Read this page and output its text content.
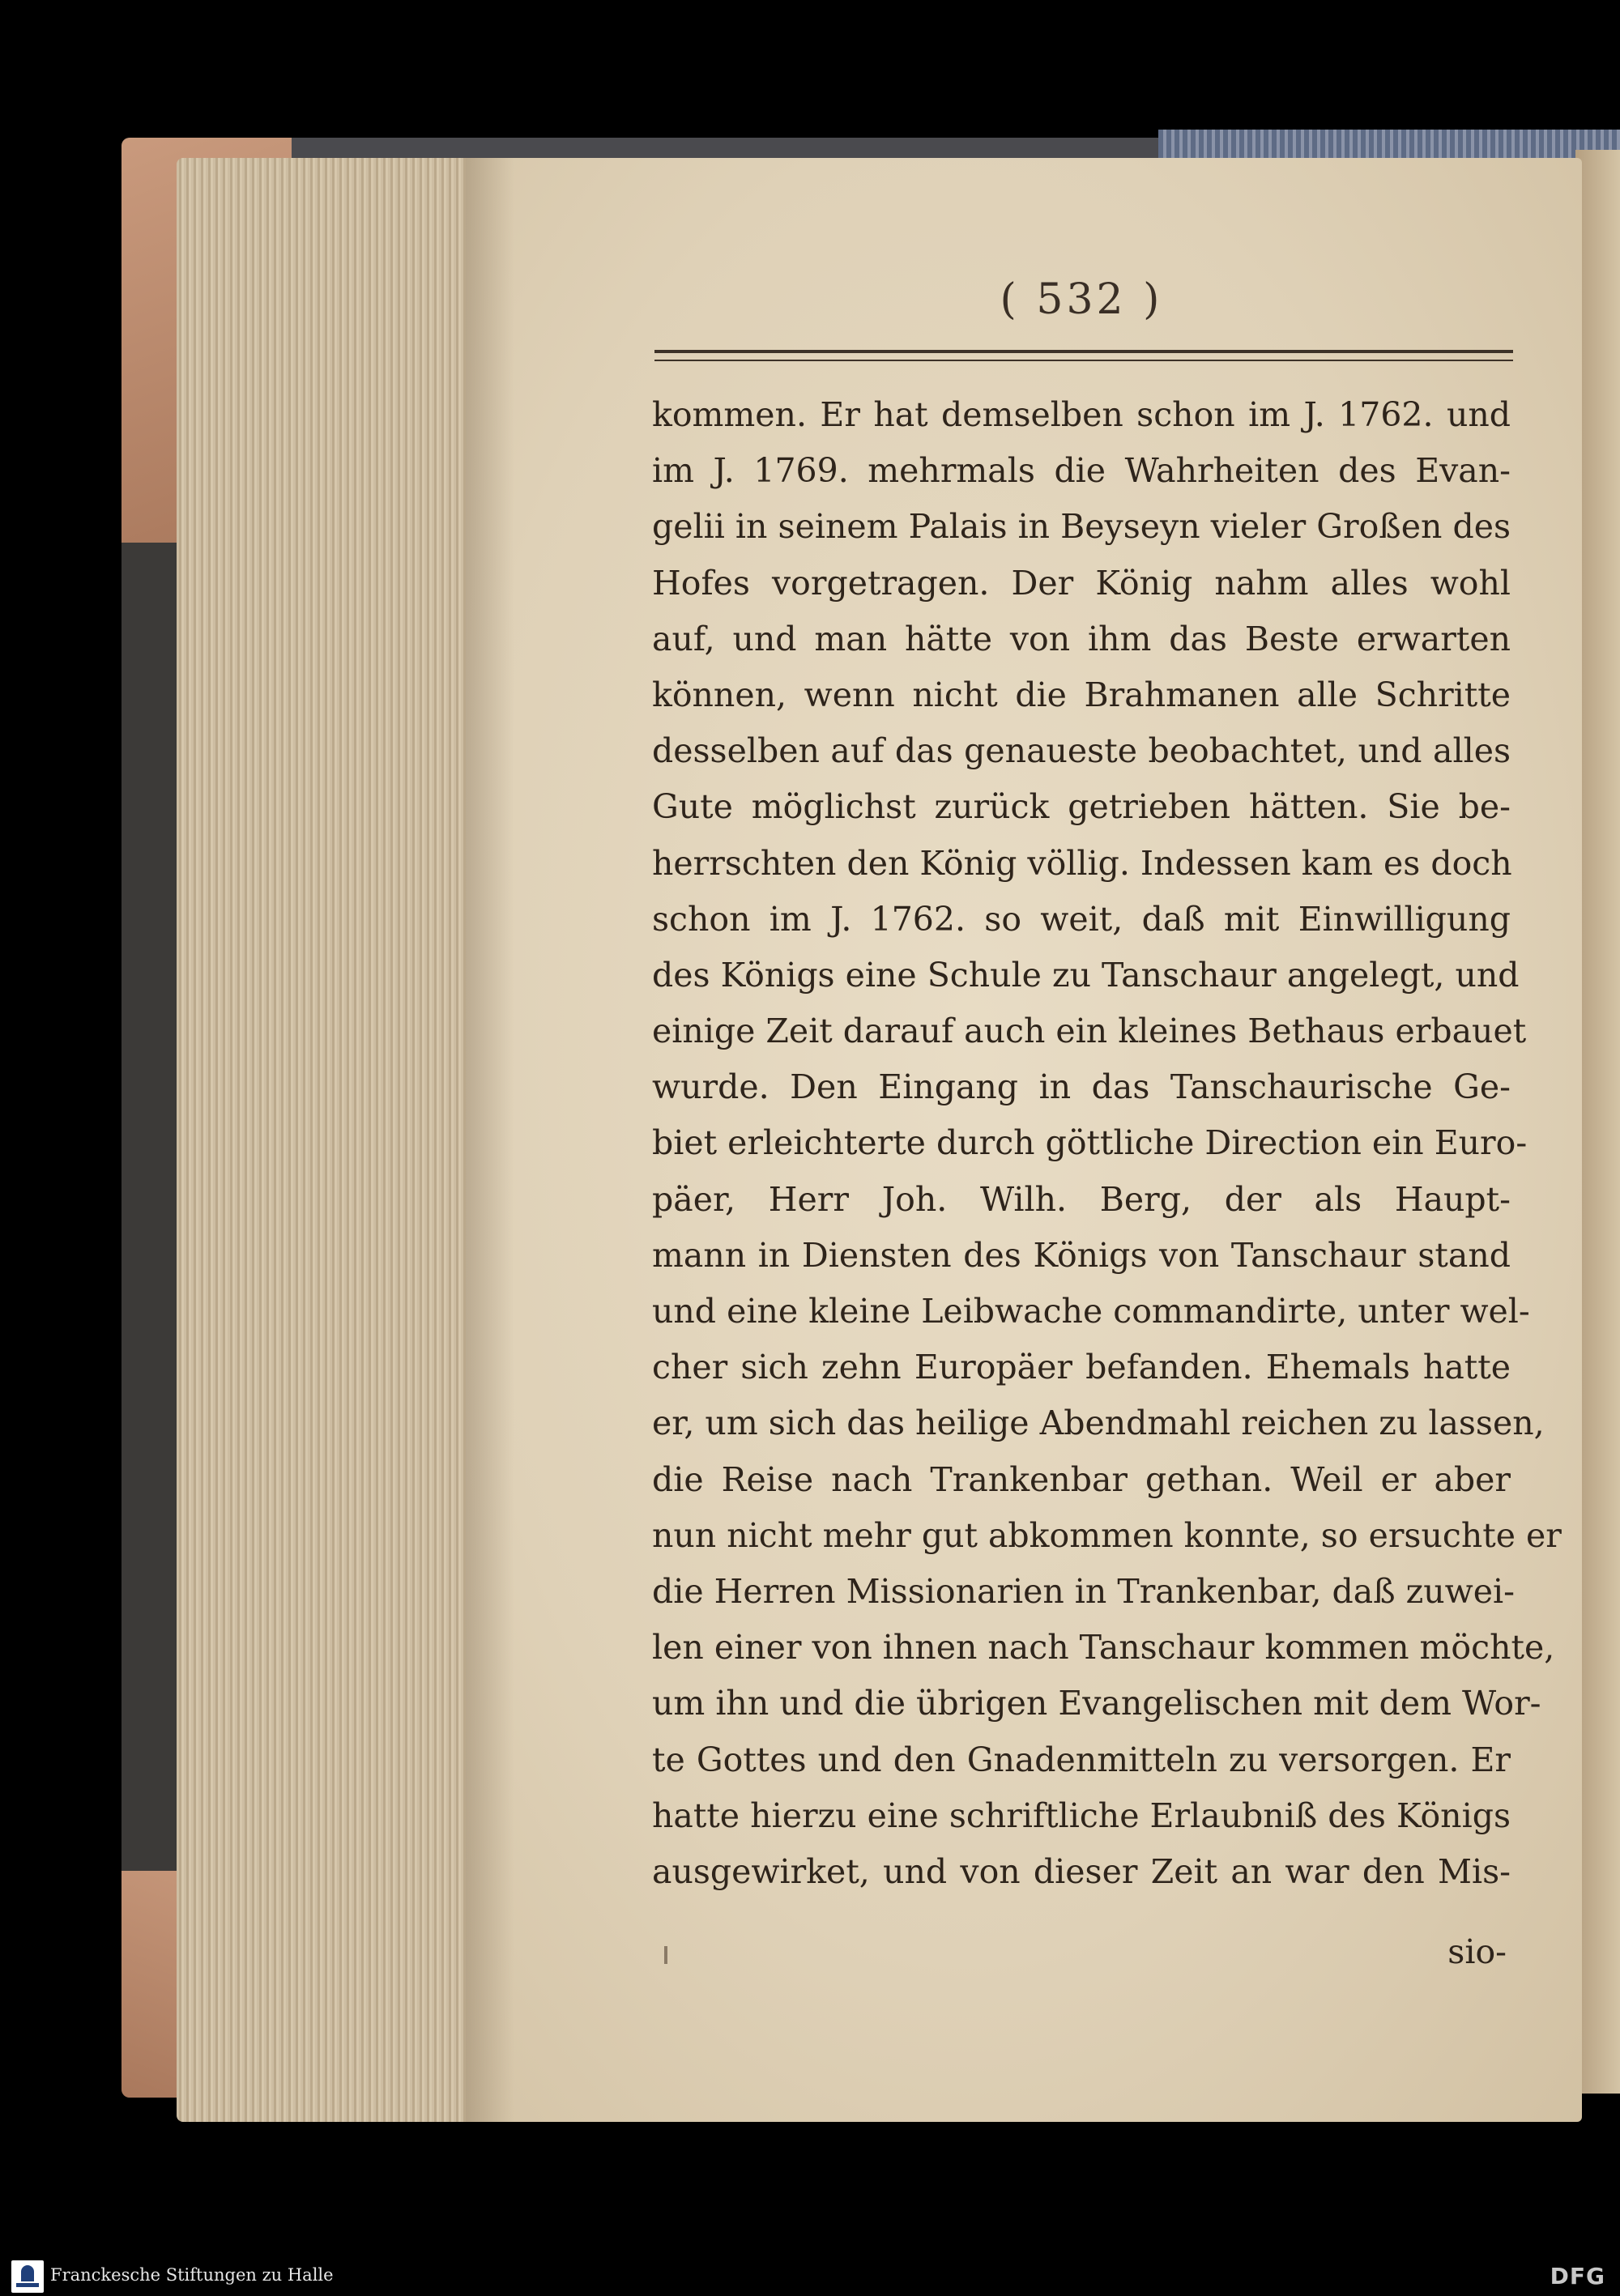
( 532 )
kommen. Er hat demselben schon im J. 1762. und
im J. 1769. mehrmals die Wahrheiten des Evan-
gelii in seinem Palais in Beyseyn vieler Großen des
Hofes vorgetragen. Der König nahm alles wohl
auf, und man hätte von ihm das Beste erwarten
können, wenn nicht die Brahmanen alle Schritte
desselben auf das genaueste beobachtet, und alles
Gute möglichst zurück getrieben hätten. Sie be-
herrschten den König völlig. Indessen kam es doch
schon im J. 1762. so weit, daß mit Einwilligung
des Königs eine Schule zu Tanschaur angelegt, und
einige Zeit darauf auch ein kleines Bethaus erbauet
wurde. Den Eingang in das Tanschaurische Ge-
biet erleichterte durch göttliche Direction ein Euro-
päer, Herr Joh. Wilh. Berg, der als Haupt-
mann in Diensten des Königs von Tanschaur stand
und eine kleine Leibwache commandirte, unter wel-
cher sich zehn Europäer befanden. Ehemals hatte
er, um sich das heilige Abendmahl reichen zu lassen,
die Reise nach Trankenbar gethan. Weil er aber
nun nicht mehr gut abkommen konnte, so ersuchte er
die Herren Missionarien in Trankenbar, daß zuwei-
len einer von ihnen nach Tanschaur kommen möchte,
um ihn und die übrigen Evangelischen mit dem Wor-
te Gottes und den Gnadenmitteln zu versorgen. Er
hatte hierzu eine schriftliche Erlaubniß des Königs
ausgewirket, und von dieser Zeit an war den Mis-
sio-
Franckesche Stiftungen zu Halle	DFG
